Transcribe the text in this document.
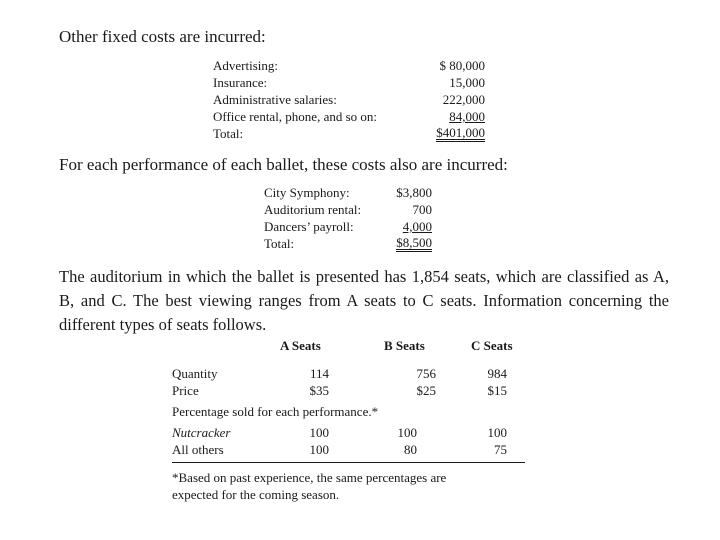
Other fixed costs are incurred:
Advertising:	$ 80,000
Insurance:	15,000
Administrative salaries:	222,000
Office rental, phone, and so on:	84,000
Total:	$401,000
For each performance of each ballet, these costs also are incurred:
City Symphony:	$3,800
Auditorium rental:	700
Dancers’ payroll:	4,000
Total:	$8,500
The auditorium in which the ballet is presented has 1,854 seats, which are classified as A, B, and C. The best viewing ranges from A seats to C seats. Information concerning the different types of seats follows.
A Seats	B Seats	C Seats
Quantity	114	756	984
Price	$35	$25	$15
Percentage sold for each performance.*
Nutcracker	100	100	100
All others	100	80	75
*Based on past experience, the same percentages are
expected for the coming season.
